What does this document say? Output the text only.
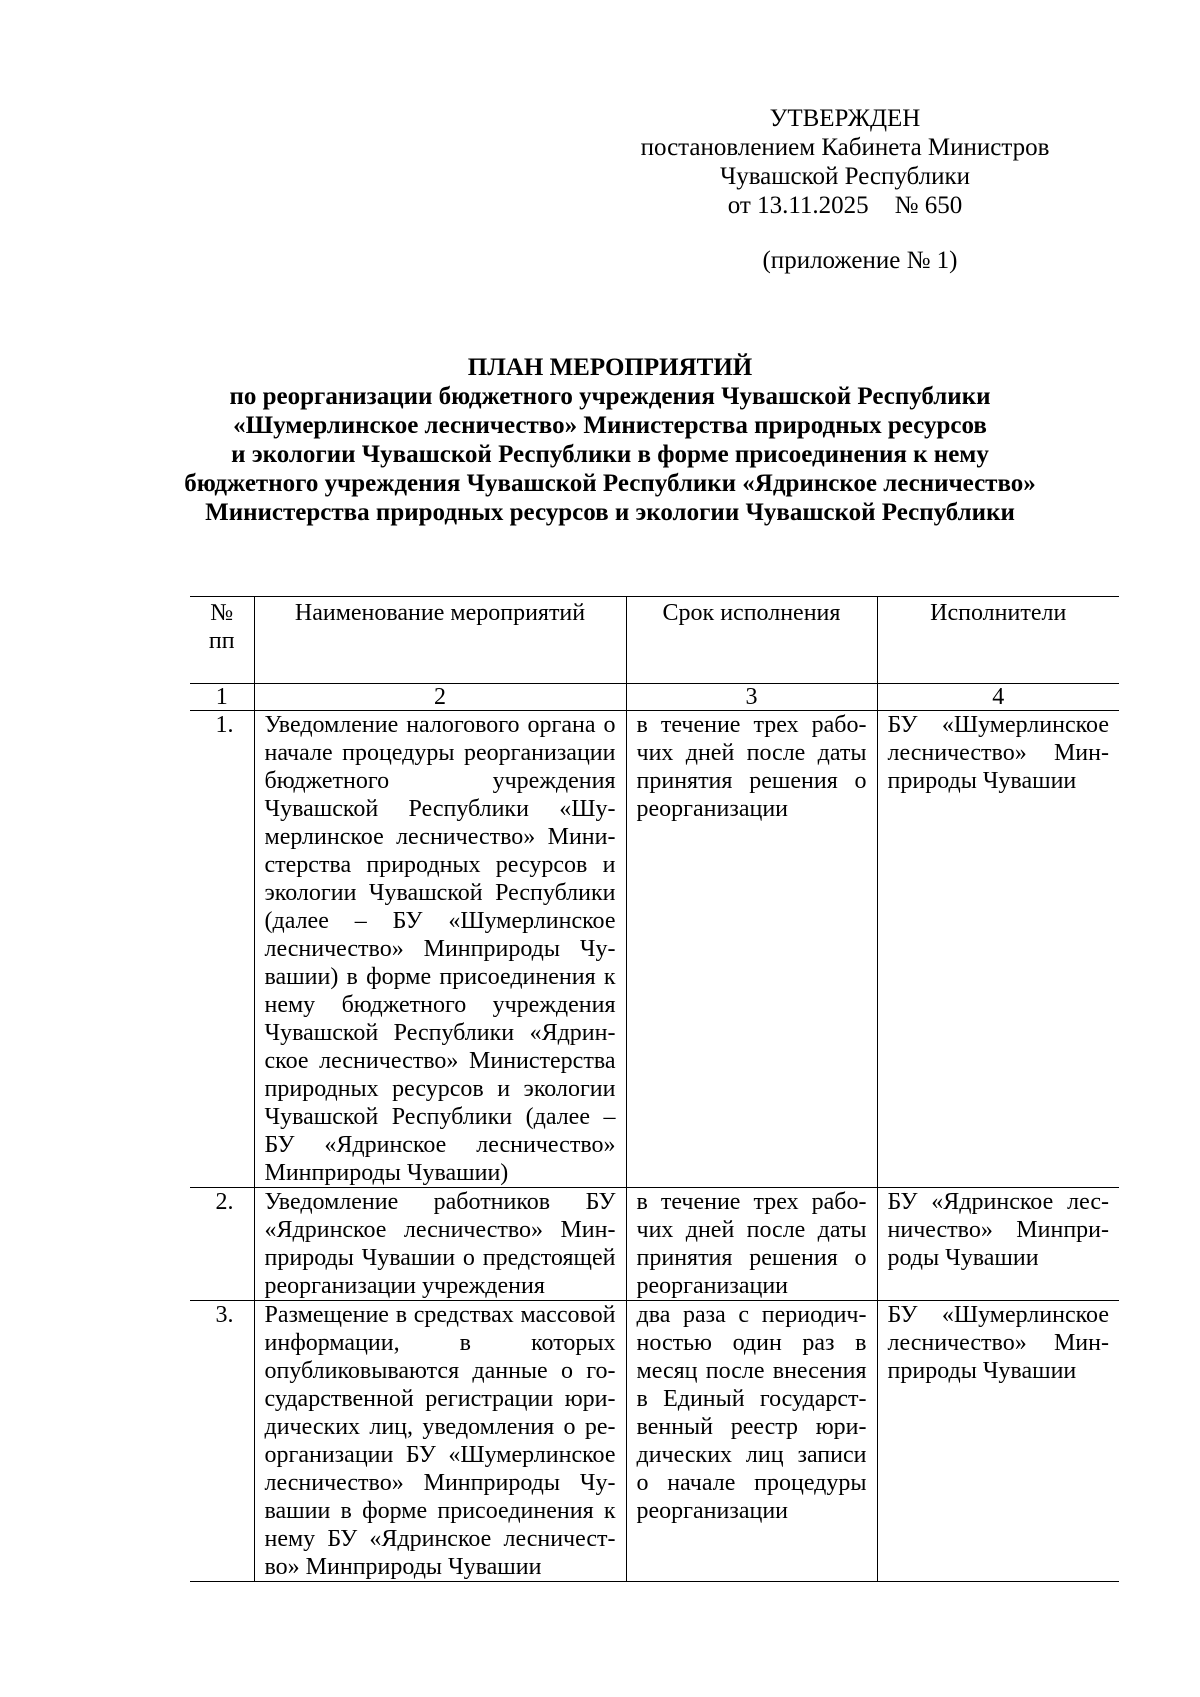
УТВЕРЖДЕН
постановлением Кабинета Министров
Чувашской Республики
от 13.11.2025 № 650
(приложение № 1)
ПЛАН МЕРОПРИЯТИЙ
по реорганизации бюджетного учреждения Чувашской Республики
«Шумерлинское лесничество» Министерства природных ресурсов
и экологии Чувашской Республики в форме присоединения к нему
бюджетного учреждения Чувашской Республики «Ядринское лесничество»
Министерства природных ресурсов и экологии Чувашской Республики
№ пп	Наименование мероприятий	Срок исполнения	Исполнители
1	2	3	4
1.	Уведомление налогового органа о начале процедуры реорганизации бюджетного учреждения Чувашской Республики «Шумерлинское лесничество» Министерства природных ресурсов и экологии Чувашской Республики (далее – БУ «Шумерлинское лесничество» Минприроды Чувашии) в форме присоединения к нему бюджетного учреждения Чувашской Республики «Ядринское лесничество» Министерства природных ресурсов и экологии Чувашской Республики (далее – БУ «Ядринское лесничество» Минприроды Чувашии)	в течение трех рабочих дней после даты принятия решения о реорганизации	БУ «Шумерлинское лесничество» Минприроды Чувашии
2.	Уведомление работников БУ «Ядринское лесничество» Минприроды Чувашии о предстоящей реорганизации учреждения	в течение трех рабочих дней после даты принятия решения о реорганизации	БУ «Ядринское лесничество» Минприроды Чувашии
3.	Размещение в средствах массовой информации, в которых опубликовываются данные о государственной регистрации юридических лиц, уведомления о реорганизации БУ «Шумерлинское лесничество» Минприроды Чувашии в форме присоединения к нему БУ «Ядринское лесничество» Минприроды Чувашии	два раза с периодичностью один раз в месяц после внесения в Единый государственный реестр юридических лиц записи о начале процедуры реорганизации	БУ «Шумерлинское лесничество» Минприроды Чувашии
